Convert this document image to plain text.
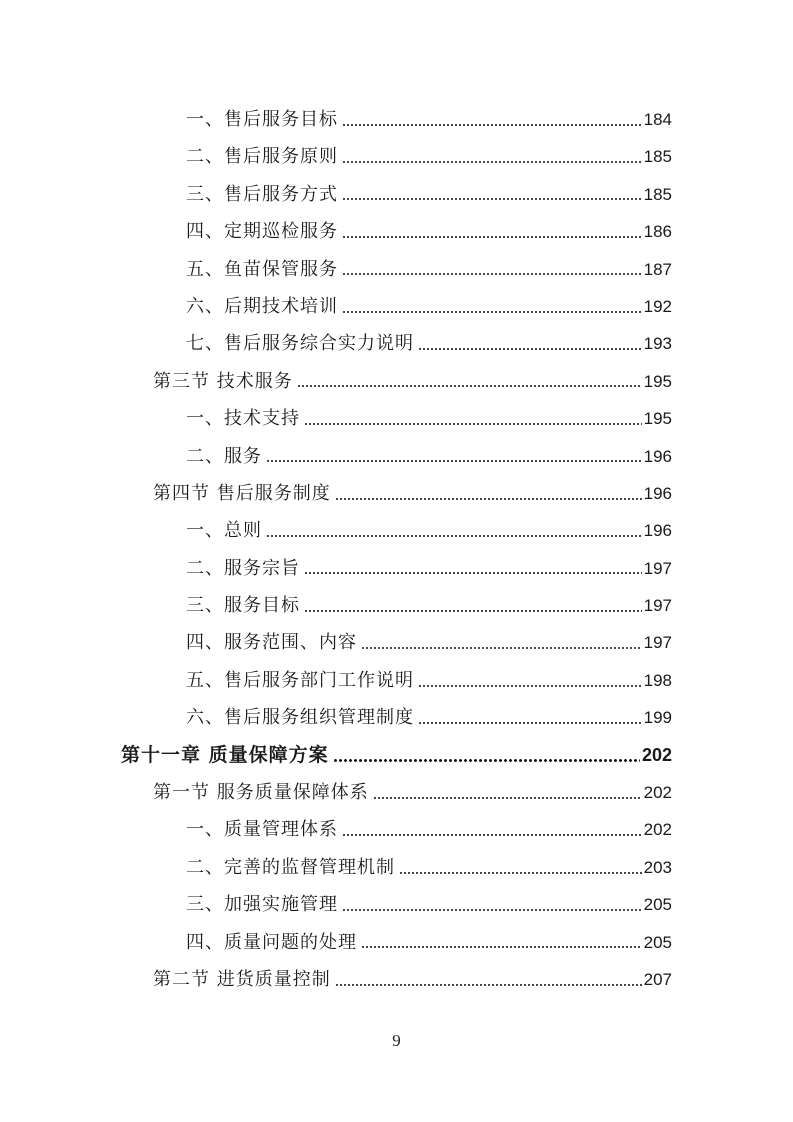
一、售后服务目标	184
二、售后服务原则	185
三、售后服务方式	185
四、定期巡检服务	186
五、鱼苗保管服务	187
六、后期技术培训	192
七、售后服务综合实力说明	193
第三节 技术服务	195
一、技术支持	195
二、服务	196
第四节 售后服务制度	196
一、总则	196
二、服务宗旨	197
三、服务目标	197
四、服务范围、内容	197
五、售后服务部门工作说明	198
六、售后服务组织管理制度	199
第十一章 质量保障方案	202
第一节 服务质量保障体系	202
一、质量管理体系	202
二、完善的监督管理机制	203
三、加强实施管理	205
四、质量问题的处理	205
第二节 进货质量控制	207
9
